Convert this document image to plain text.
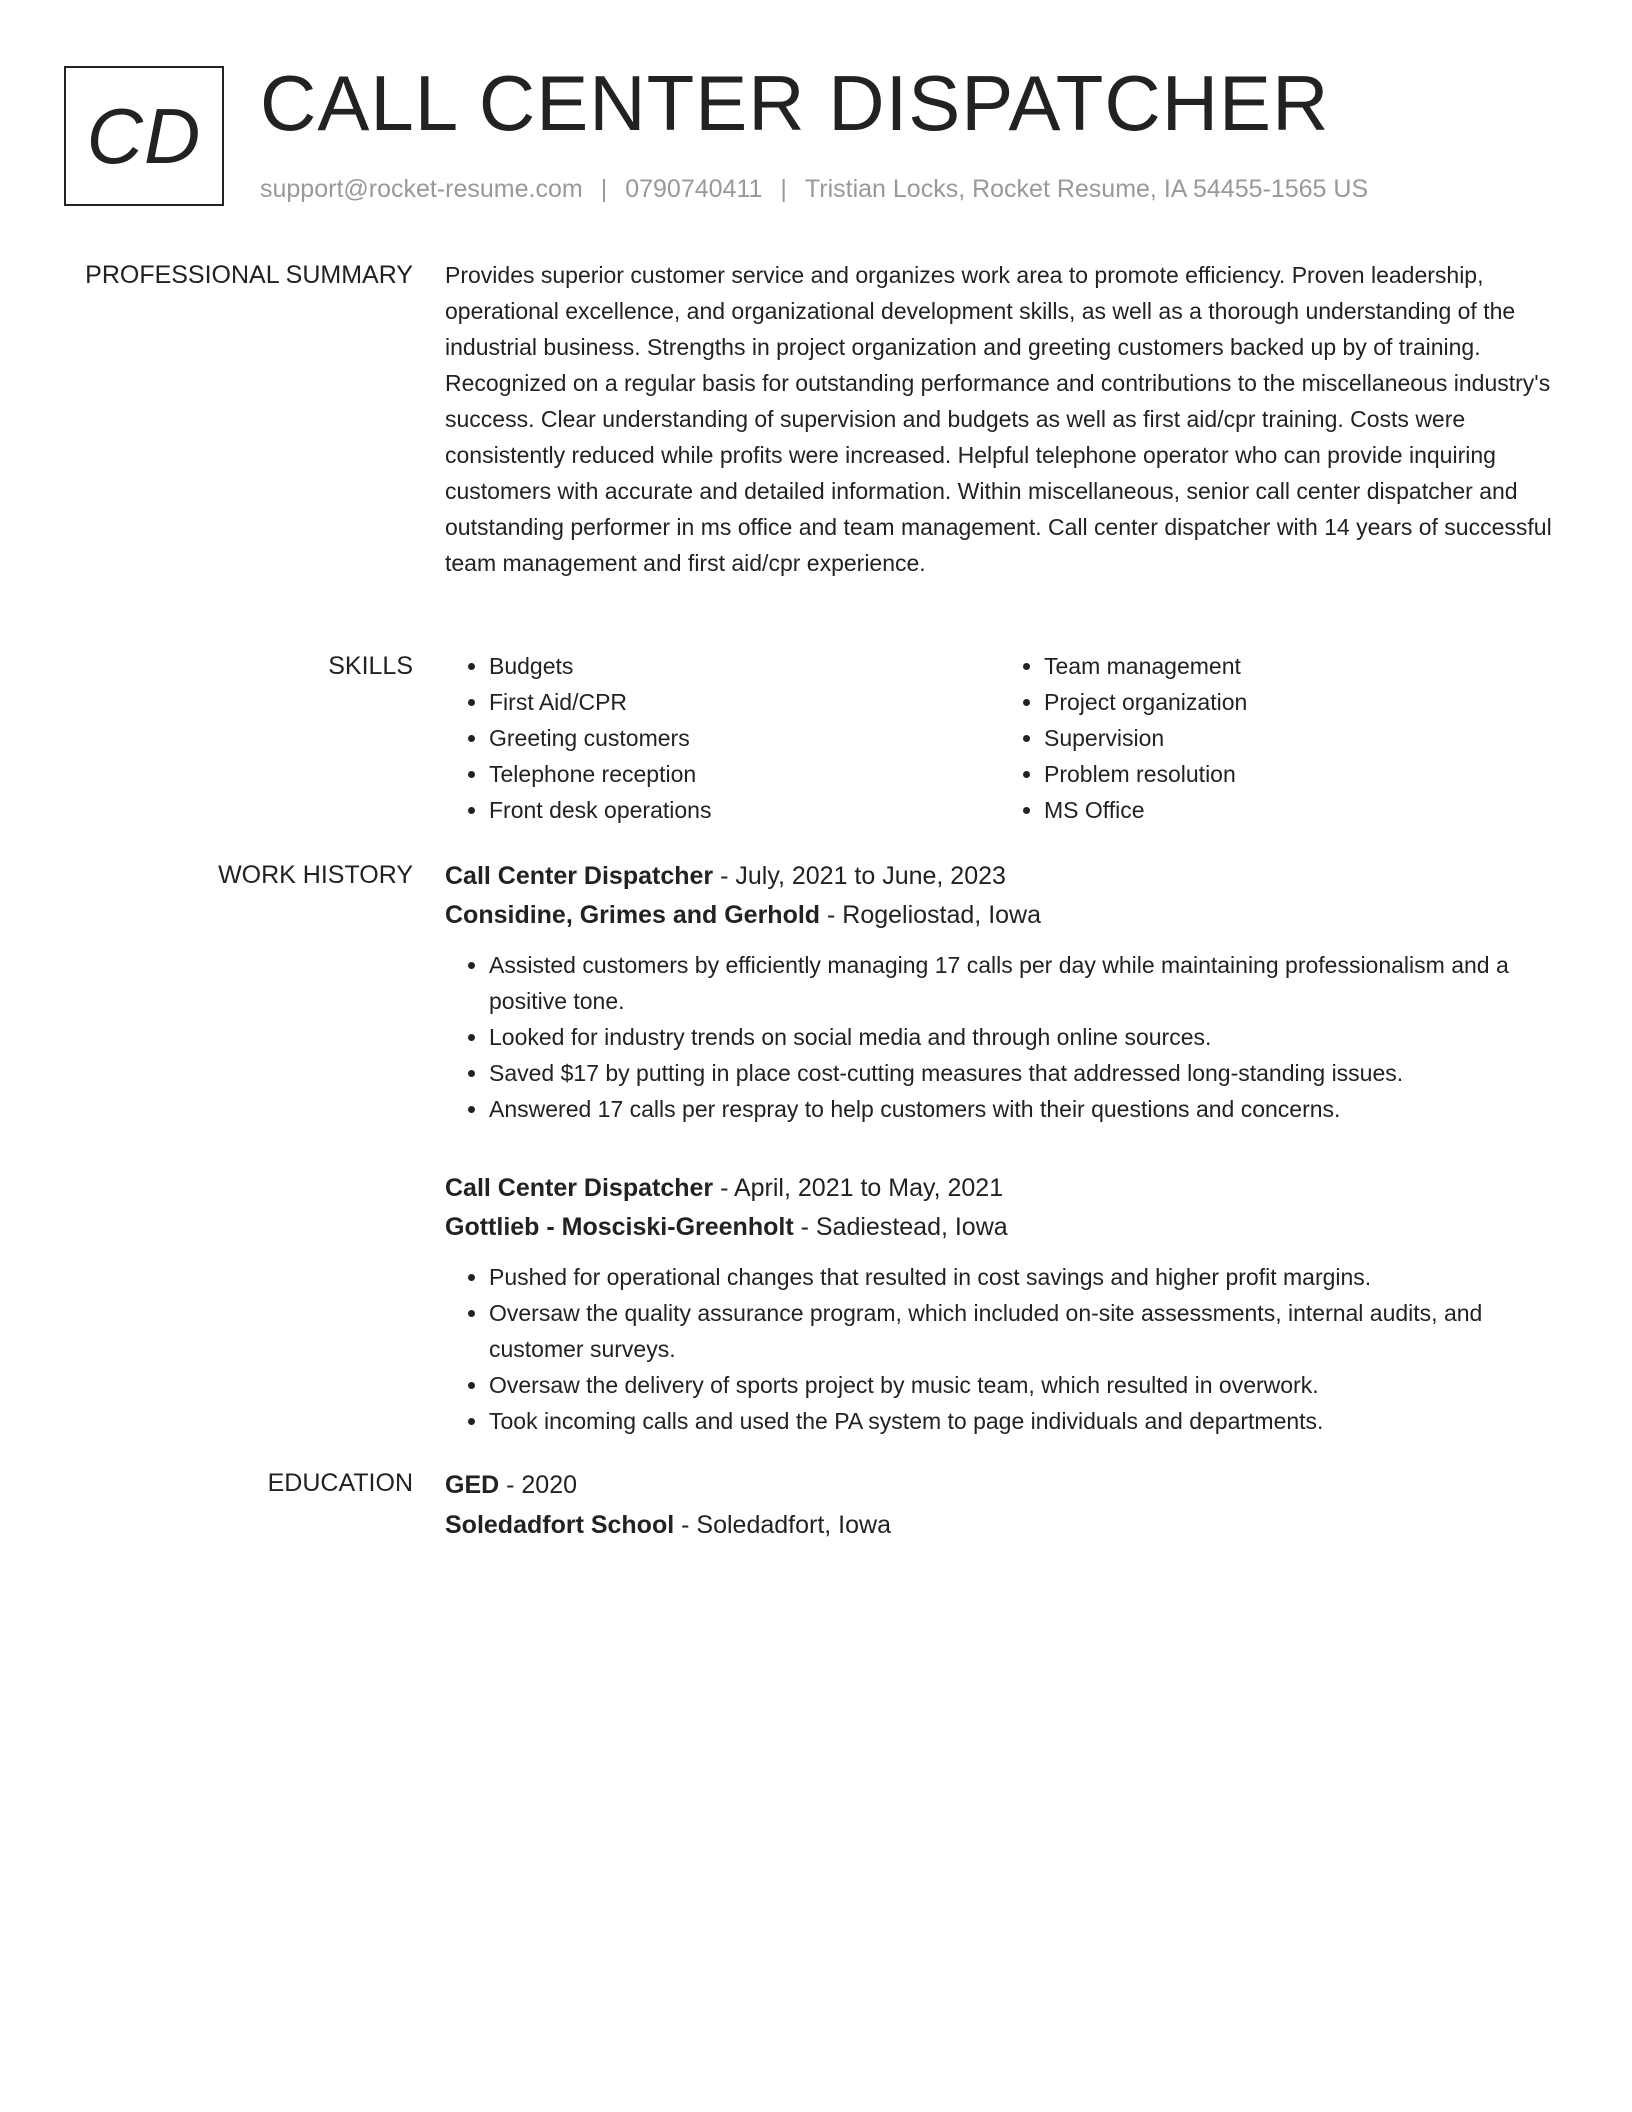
CD CALL CENTER DISPATCHER
support@rocket-resume.com | 0790740411 | Tristian Locks, Rocket Resume, IA 54455-1565 US
PROFESSIONAL SUMMARY Provides superior customer service and organizes work area to promote efficiency. Proven leadership, operational excellence, and organizational development skills, as well as a thorough understanding of the industrial business. Strengths in project organization and greeting customers backed up by of training. Recognized on a regular basis for outstanding performance and contributions to the miscellaneous industry's success. Clear understanding of supervision and budgets as well as first aid/cpr training. Costs were consistently reduced while profits were increased. Helpful telephone operator who can provide inquiring customers with accurate and detailed information. Within miscellaneous, senior call center dispatcher and outstanding performer in ms office and team management. Call center dispatcher with 14 years of successful team management and first aid/cpr experience.

SKILLS
•	Budgets
• First Aid/CPR
• Greeting customers
• Telephone reception
• Front desk operations
• Team management
• Project organization
• Supervision
• Problem resolution
• MS Office
WORK HISTORY Call Center Dispatcher - July, 2021 to June, 2023
Considine, Grimes and Gerhold - Rogeliostad, Iowa
• Assisted customers by efficiently managing 17 calls per day while maintaining professionalism and a positive tone.
• Looked for industry trends on social media and through online sources.
• Saved $17 by putting in place cost-cutting measures that addressed long-standing issues.
• Answered 17 calls per respray to help customers with their questions and concerns.
Call Center Dispatcher - April, 2021 to May, 2021
Gottlieb - Mosciski-Greenholt - Sadiestead, Iowa
• Pushed for operational changes that resulted in cost savings and higher profit margins.
• Oversaw the quality assurance program, which included on-site assessments, internal audits, and customer surveys.
• Oversaw the delivery of sports project by music team, which resulted in overwork.
• Took incoming calls and used the PA system to page individuals and departments.
EDUCATION GED - 2020
Soledadfort School - Soledadfort, Iowa
